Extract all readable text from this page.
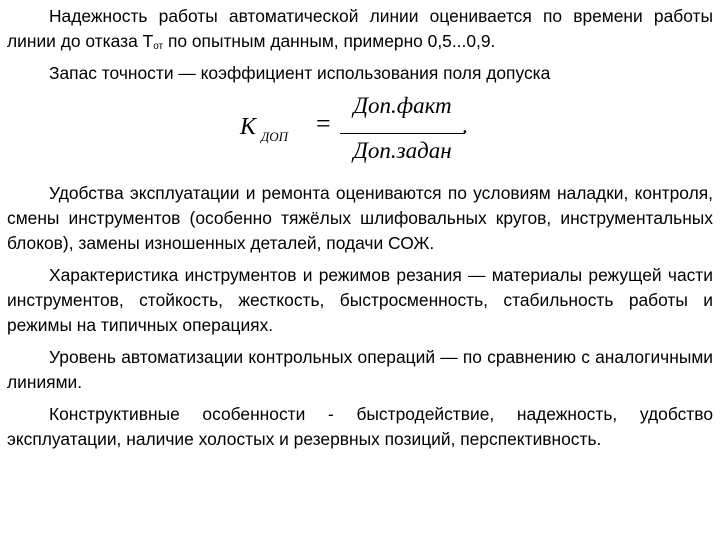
Надежность работы автоматической линии оценивается по времени работы линии до отказа $Т_{от}$ по опытным данным, примерно 0,5...0,9.

Запас точности — коэффициент использования поля допуска

K ДОП =
Доп.факт
Доп.задан
.

Удобства эксплуатации и ремонта оцениваются по условиям наладки, контроля, смены инструментов (особенно тяжёлых шлифовальных кругов, инструментальных блоков), замены изношенных деталей, подачи СОЖ.

Характеристика инструментов и режимов резания — материалы режущей части инструментов, стойкость, жесткость, быстросменность, стабильность работы и режимы на типичных операциях.

Уровень автоматизации контрольных операций — по сравнению с аналогичными линиями.

Конструктивные особенности - быстродействие, надежность, удобство эксплуатации, наличие холостых и резервных позиций, перспективность.
